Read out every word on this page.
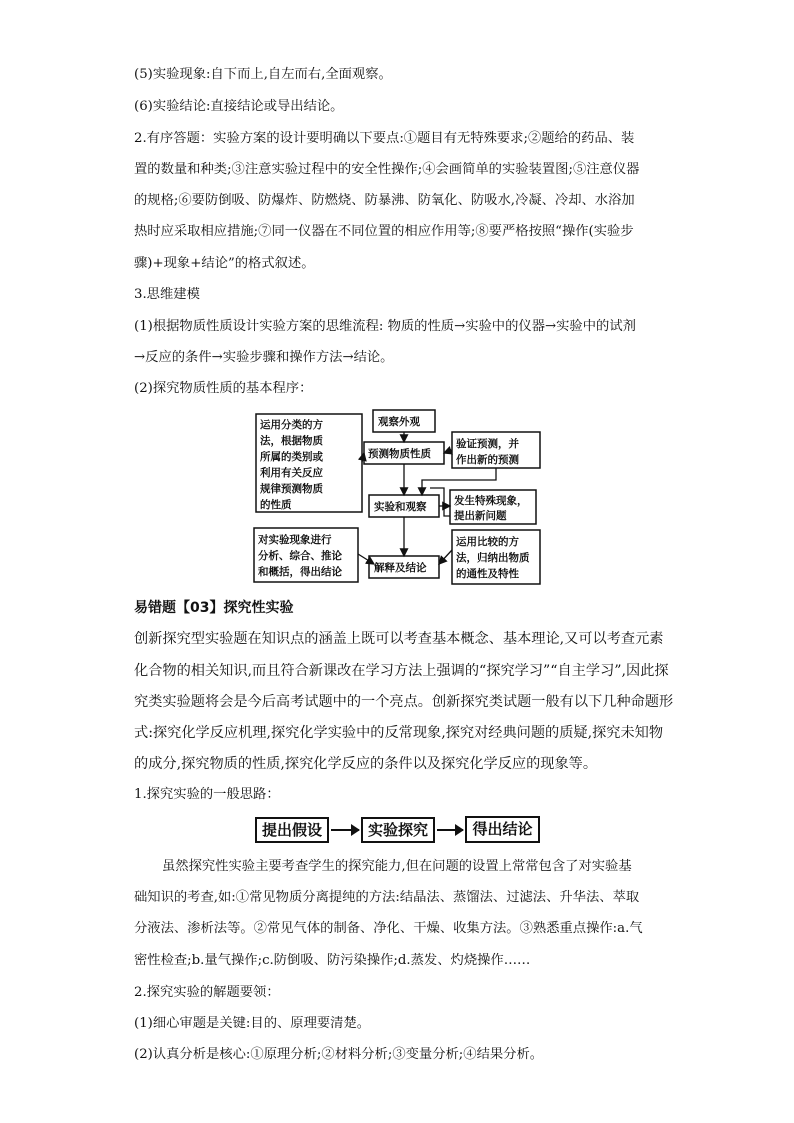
(5)实验现象:自下而上,自左而右,全面观察。
(6)实验结论:直接结论或导出结论。
2.有序答题：实验方案的设计要明确以下要点:①题目有无特殊要求;②题给的药品、装
置的数量和种类;③注意实验过程中的安全性操作;④会画简单的实验装置图;⑤注意仪器
的规格;⑥要防倒吸、防爆炸、防燃烧、防暴沸、防氧化、防吸水,冷凝、冷却、水浴加
热时应采取相应措施;⑦同一仪器在不同位置的相应作用等;⑧要严格按照“操作(实验步
骤)+现象+结论”的格式叙述。
3.思维建模
(1)根据物质性质设计实验方案的思维流程: 物质的性质→实验中的仪器→实验中的试剂
→反应的条件→实验步骤和操作方法→结论。
(2)探究物质性质的基本程序：
运用分类的方
法，根据物质
所属的类别或
利用有关反应
规律预测物质
的性质
观察外观
预测物质性质
验证预测，并
作出新的预测
实验和观察	发生特殊现象，
提出新问题
对实验现象进行
分析、综合、推论
和概括，得出结论	解释及结论
运用比较的方
法，归纳出物质
的通性及特性
易错题【03】探究性实验
创新探究型实验题在知识点的涵盖上既可以考查基本概念、基本理论,又可以考查元素
化合物的相关知识,而且符合新课改在学习方法上强调的“探究学习”“自主学习”,因此探
究类实验题将会是今后高考试题中的一个亮点。创新探究类试题一般有以下几种命题形
式:探究化学反应机理,探究化学实验中的反常现象,探究对经典问题的质疑,探究未知物
的成分,探究物质的性质,探究化学反应的条件以及探究化学反应的现象等。
1.探究实验的一般思路：
提出假设	实验探究	得出结论
虽然探究性实验主要考查学生的探究能力,但在问题的设置上常常包含了对实验基
础知识的考查,如:①常见物质分离提纯的方法:结晶法、蒸馏法、过滤法、升华法、萃取
分液法、渗析法等。②常见气体的制备、净化、干燥、收集方法。③熟悉重点操作:a.气
密性检查;b.量气操作;c.防倒吸、防污染操作;d.蒸发、灼烧操作……
2.探究实验的解题要领：
(1)细心审题是关键:目的、原理要清楚。
(2)认真分析是核心:①原理分析;②材料分析;③变量分析;④结果分析。
